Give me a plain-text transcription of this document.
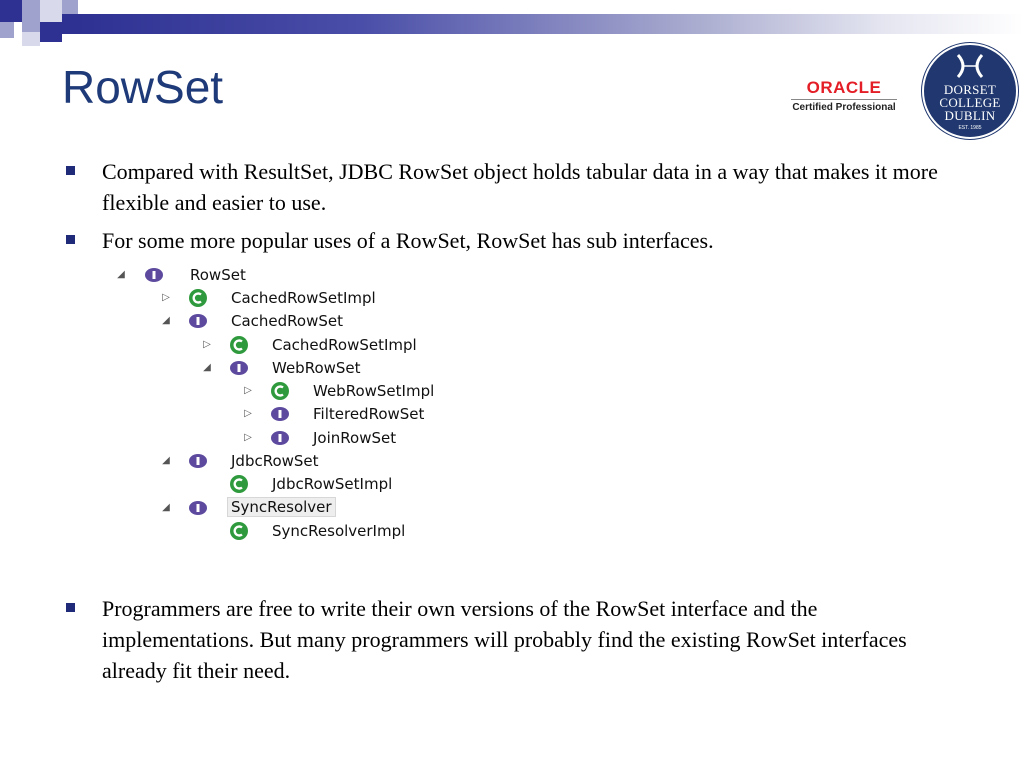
RowSet	ORACLE
Certified Professional
DORSET
COLLEGE
DUBLIN
EST. 1985
Compared with ResultSet, JDBC RowSet object holds tabular data in a way that makes it more flexible and easier to use.
For some more popular uses of a RowSet, RowSet has sub interfaces.
Programmers are free to write their own versions of the RowSet interface and the implementations. But many programmers will probably find the existing RowSet interfaces already fit their need.
◢	RowSet
▷	CachedRowSetImpl
◢	CachedRowSet
▷	CachedRowSetImpl
◢	WebRowSet
▷	WebRowSetImpl
▷	FilteredRowSet
▷	JoinRowSet
◢	JdbcRowSet
JdbcRowSetImpl
◢	SyncResolver
SyncResolverImpl
